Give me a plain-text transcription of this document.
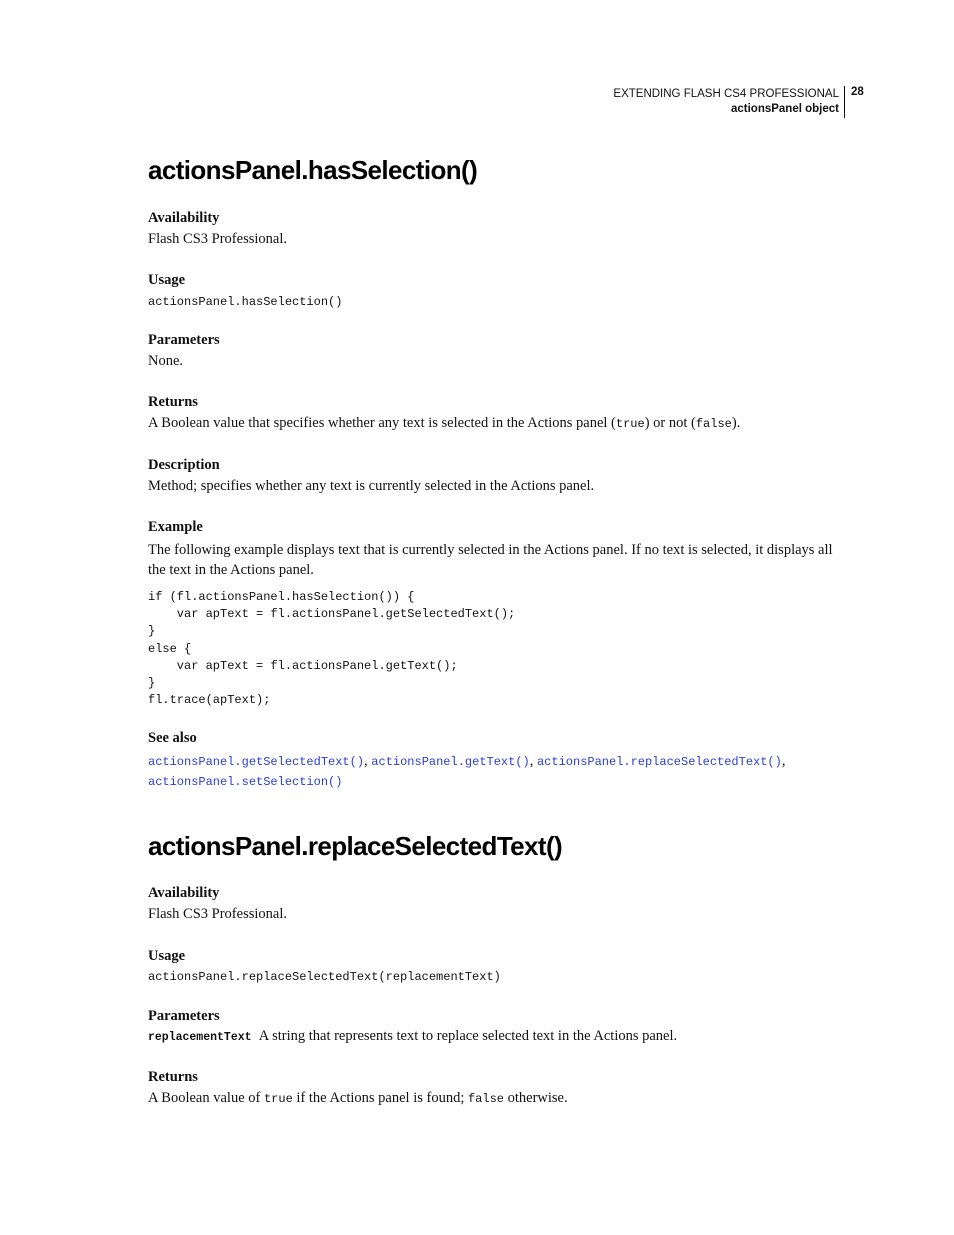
EXTENDING FLASH CS4 PROFESSIONAL
actionsPanel object
28
actionsPanel.hasSelection()
Availability
Flash CS3 Professional.
Usage
actionsPanel.hasSelection()
Parameters
None.
Returns
A Boolean value that specifies whether any text is selected in the Actions panel (true) or not (false).
Description
Method; specifies whether any text is currently selected in the Actions panel.
Example
The following example displays text that is currently selected in the Actions panel. If no text is selected, it displays all the text in the Actions panel.
if (fl.actionsPanel.hasSelection()) {
var apText = fl.actionsPanel.getSelectedText();
}
else {
var apText = fl.actionsPanel.getText();
}
fl.trace(apText);
See also
actionsPanel.getSelectedText(), actionsPanel.getText(), actionsPanel.replaceSelectedText(),
actionsPanel.setSelection()
actionsPanel.replaceSelectedText()
Availability
Flash CS3 Professional.
Usage
actionsPanel.replaceSelectedText(replacementText)
Parameters
replacementText A string that represents text to replace selected text in the Actions panel.
Returns
A Boolean value of true if the Actions panel is found; false otherwise.
